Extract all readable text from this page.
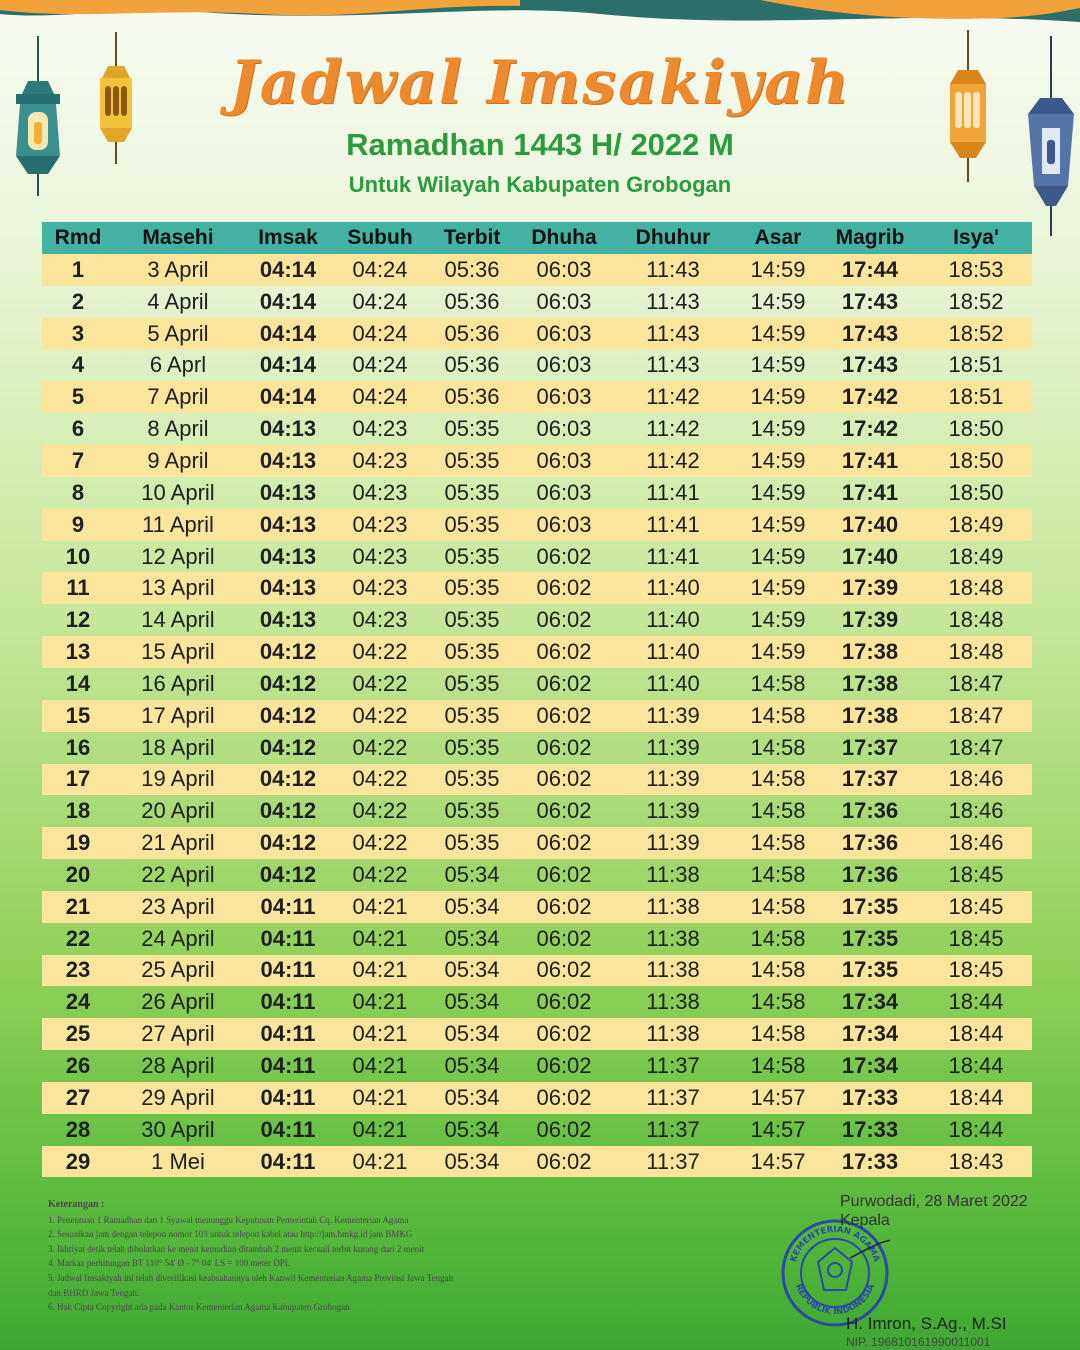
Jadwal Imsakiyah
Ramadhan 1443 H/ 2022 M
Untuk Wilayah Kabupaten Grobogan
Rmd	Masehi	Imsak	Subuh	Terbit	Dhuha	Dhuhur	Asar	Magrib	Isya'
1	3 April	04:14	04:24	05:36	06:03	11:43	14:59	17:44	18:53
2	4 April	04:14	04:24	05:36	06:03	11:43	14:59	17:43	18:52
3	5 April	04:14	04:24	05:36	06:03	11:43	14:59	17:43	18:52
4	6 Aprl	04:14	04:24	05:36	06:03	11:43	14:59	17:43	18:51
5	7 April	04:14	04:24	05:36	06:03	11:42	14:59	17:42	18:51
6	8 April	04:13	04:23	05:35	06:03	11:42	14:59	17:42	18:50
7	9 April	04:13	04:23	05:35	06:03	11:42	14:59	17:41	18:50
8	10 April	04:13	04:23	05:35	06:03	11:41	14:59	17:41	18:50
9	11 April	04:13	04:23	05:35	06:03	11:41	14:59	17:40	18:49
10	12 April	04:13	04:23	05:35	06:02	11:41	14:59	17:40	18:49
11	13 April	04:13	04:23	05:35	06:02	11:40	14:59	17:39	18:48
12	14 April	04:13	04:23	05:35	06:02	11:40	14:59	17:39	18:48
13	15 April	04:12	04:22	05:35	06:02	11:40	14:59	17:38	18:48
14	16 April	04:12	04:22	05:35	06:02	11:40	14:58	17:38	18:47
15	17 April	04:12	04:22	05:35	06:02	11:39	14:58	17:38	18:47
16	18 April	04:12	04:22	05:35	06:02	11:39	14:58	17:37	18:47
17	19 April	04:12	04:22	05:35	06:02	11:39	14:58	17:37	18:46
18	20 April	04:12	04:22	05:35	06:02	11:39	14:58	17:36	18:46
19	21 April	04:12	04:22	05:35	06:02	11:39	14:58	17:36	18:46
20	22 April	04:12	04:22	05:34	06:02	11:38	14:58	17:36	18:45
21	23 April	04:11	04:21	05:34	06:02	11:38	14:58	17:35	18:45
22	24 April	04:11	04:21	05:34	06:02	11:38	14:58	17:35	18:45
23	25 April	04:11	04:21	05:34	06:02	11:38	14:58	17:35	18:45
24	26 April	04:11	04:21	05:34	06:02	11:38	14:58	17:34	18:44
25	27 April	04:11	04:21	05:34	06:02	11:38	14:58	17:34	18:44
26	28 April	04:11	04:21	05:34	06:02	11:37	14:58	17:34	18:44
27	29 April	04:11	04:21	05:34	06:02	11:37	14:57	17:33	18:44
28	30 April	04:11	04:21	05:34	06:02	11:37	14:57	17:33	18:44
29	1 Mei	04:11	04:21	05:34	06:02	11:37	14:57	17:33	18:43
Keterangan :
1. Penentuan 1 Ramadhan dan 1 Syawal menunggu Keputusan Pemerintah Cq. Kementerian Agama
2. Sesuaikan jam dengan telepon nomor 103 untuk telepon kabel atau http://jam.bmkg.id jam BMKG
3. Ikhtiyat detik telah dibulatkan ke menit kemudian ditambah 2 menit kecuali terbit kurang dari 2 menit
4. Markaz perhitungan BT 110° 54' Ø - 7° 04' LS = 100 meter DPL
5. Jadwal Imsakiyah ini telah diverifikasi keabsahannya oleh Kanwil Kementerian Agama Provinsi Jawa Tengah
dan BHRD Jawa Tengah.
6. Hak Cipta Copyright ada pada Kantor Kementerian Agama Kabupaten Grobogan
KEMENTERIAN AGAMA
REPUBLIK INDONESIA
Purwodadi, 28 Maret 2022
Kepala
H. Imron, S.Ag., M.SI
NIP. 196810161990011001
